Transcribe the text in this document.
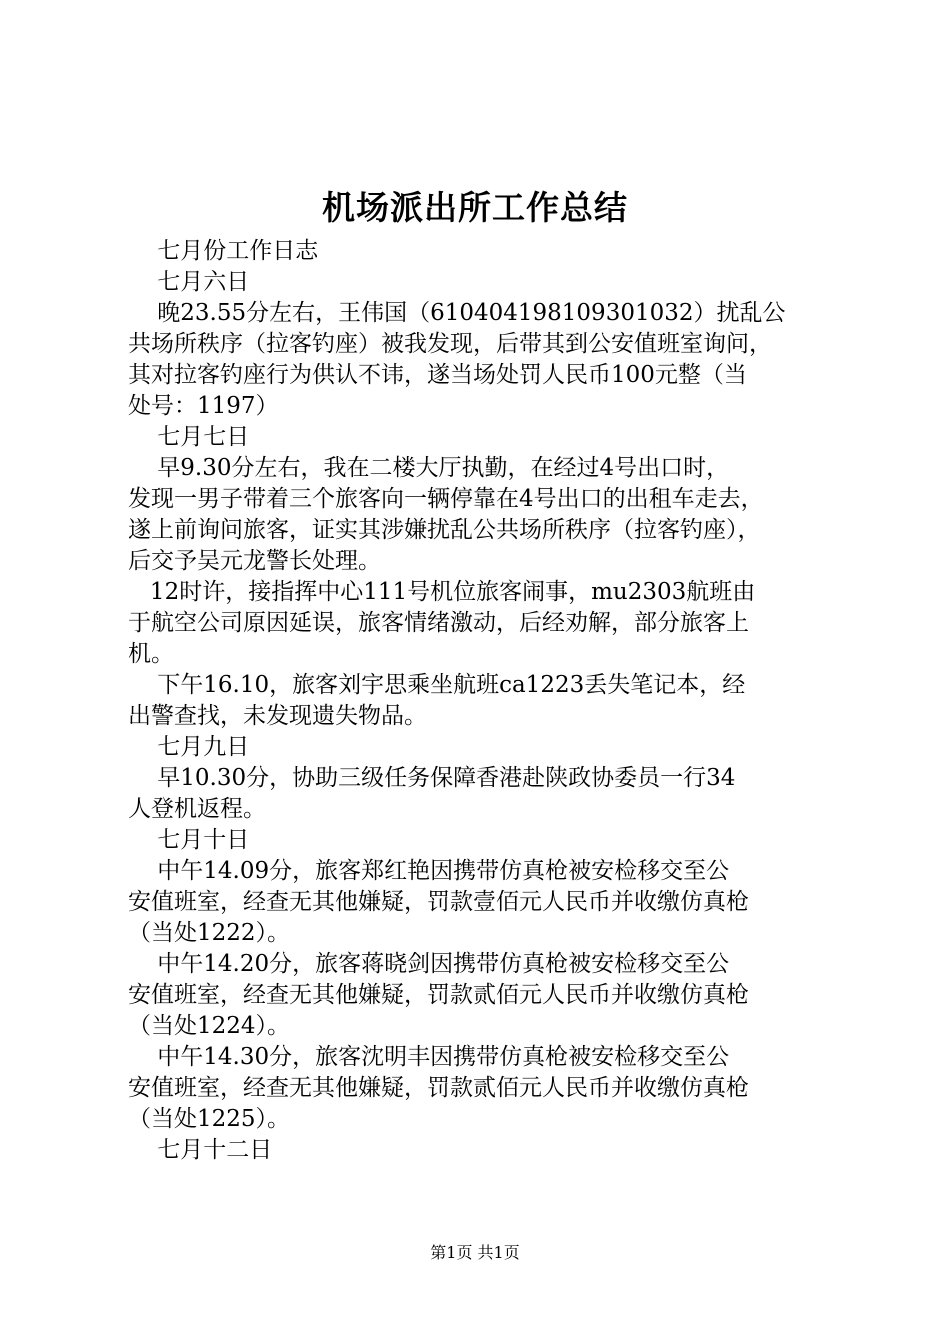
机场派出所工作总结
七月份工作日志
七月六日
晚23.55分左右，王伟国（610404198109301032）扰乱公
共场所秩序（拉客钓座）被我发现，后带其到公安值班室询问，
其对拉客钓座行为供认不讳，遂当场处罚人民币100元整（当
处号：1197）
七月七日
早9.30分左右，我在二楼大厅执勤，在经过4号出口时，
发现一男子带着三个旅客向一辆停靠在4号出口的出租车走去，
遂上前询问旅客，证实其涉嫌扰乱公共场所秩序（拉客钓座），
后交予吴元龙警长处理。
12时许，接指挥中心111号机位旅客闹事，mu2303航班由
于航空公司原因延误，旅客情绪激动，后经劝解，部分旅客上
机。
下午16.10，旅客刘宇思乘坐航班ca1223丢失笔记本，经
出警查找，未发现遗失物品。
七月九日
早10.30分，协助三级任务保障香港赴陕政协委员一行34
人登机返程。
七月十日
中午14.09分，旅客郑红艳因携带仿真枪被安检移交至公
安值班室，经查无其他嫌疑，罚款壹佰元人民币并收缴仿真枪
（当处1222）。
中午14.20分，旅客蒋晓剑因携带仿真枪被安检移交至公
安值班室，经查无其他嫌疑，罚款贰佰元人民币并收缴仿真枪
（当处1224）。
中午14.30分，旅客沈明丰因携带仿真枪被安检移交至公
安值班室，经查无其他嫌疑，罚款贰佰元人民币并收缴仿真枪
（当处1225）。
七月十二日
第1页 共1页
